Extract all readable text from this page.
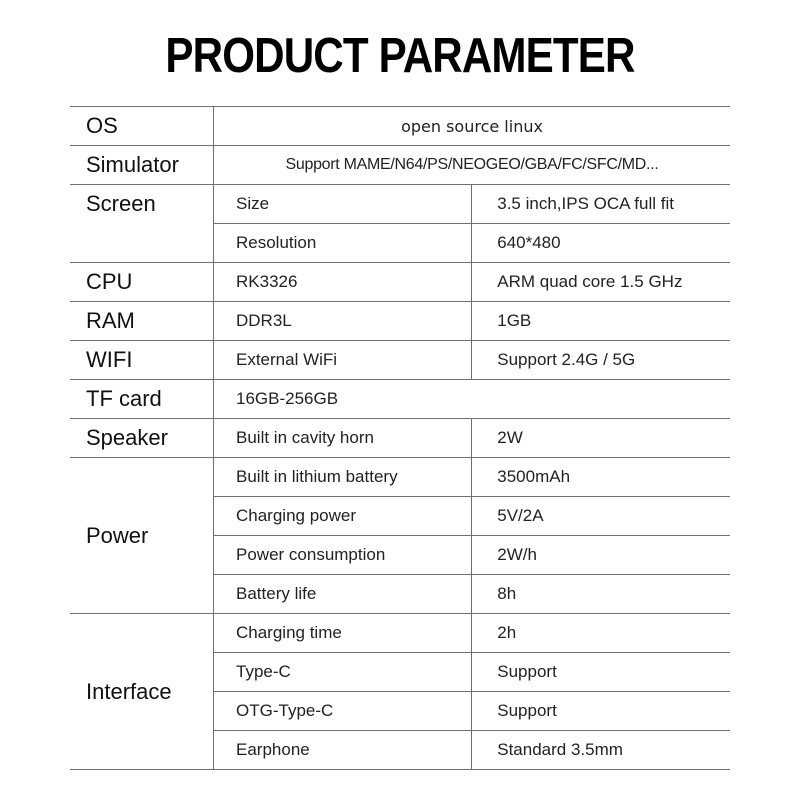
PRODUCT PARAMETER
OS	open source linux	
Simulator	Support MAME/N64/PS/NEOGEO/GBA/FC/SFC/MD...	
Screen	Size	3.5 inch,IPS OCA full fit
	Resolution	640*480
CPU	RK3326	ARM quad core 1.5 GHz
RAM	DDR3L	1GB
WIFI	External WiFi	Support 2.4G / 5G
TF card	16GB-256GB	
Speaker	Built in cavity horn	2W
Power	Built in lithium battery	3500mAh
	Charging power	5V/2A
	Power consumption	2W/h
	Battery life	8h
Interface	Charging time	2h
	Type-C	Support
	OTG-Type-C	Support
	Earphone	Standard 3.5mm
